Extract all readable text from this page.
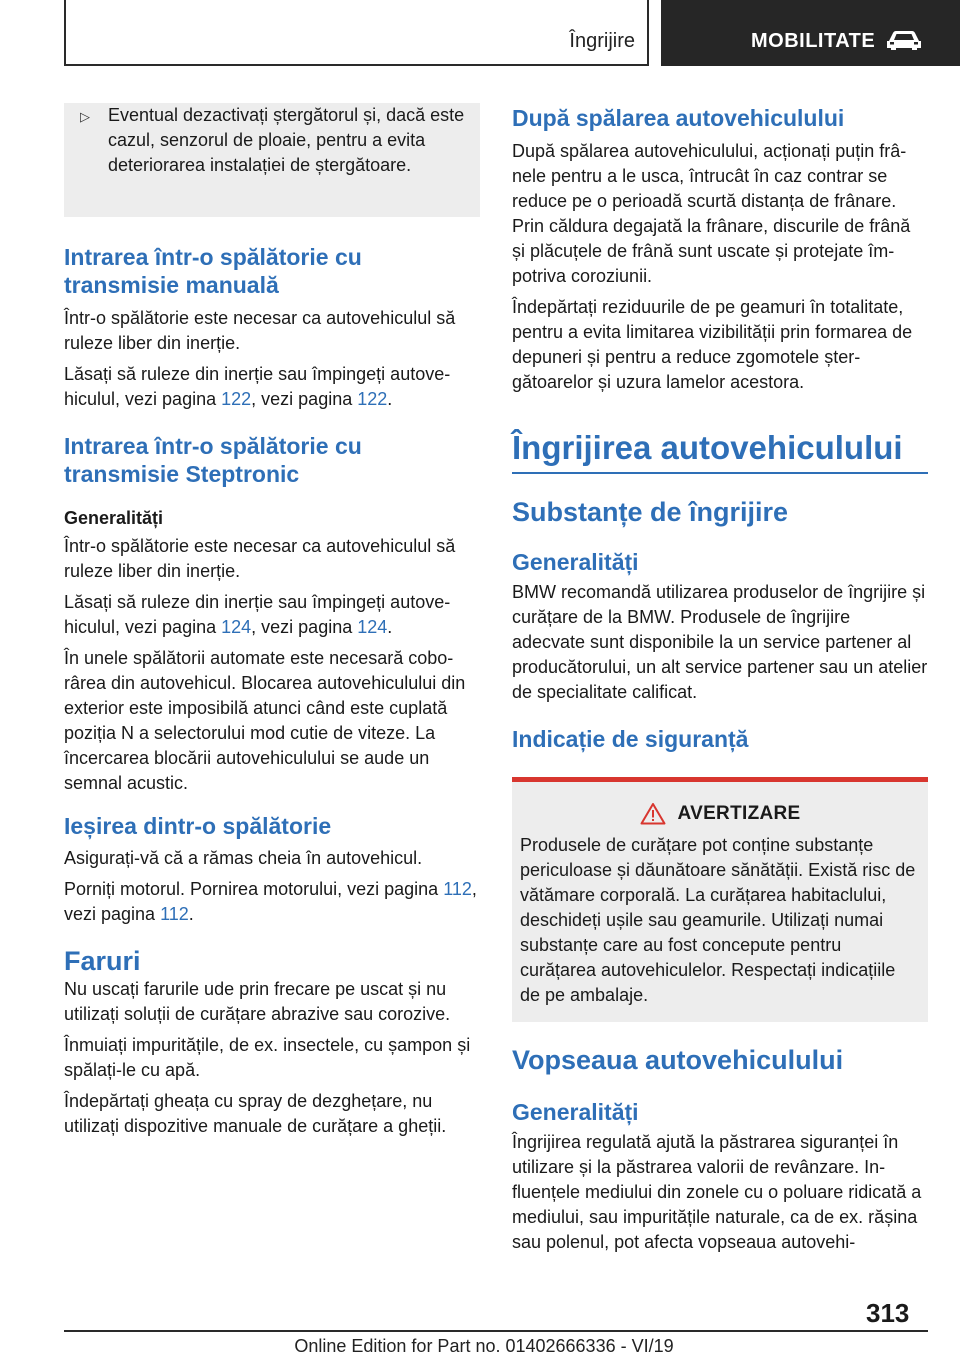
Îngrijire	MOBILITATE
▷	Eventual dezactivați ștergătorul și, dacă este cazul, senzorul de ploaie, pentru a evita deteriorarea instalației de ștergătoare.
Intrarea într-o spălătorie cu transmisie manuală

Într-o spălătorie este necesar ca autovehiculul să ruleze liber din inerție.

Lăsați să ruleze din inerție sau împingeți autovehiculul, vezi pagina 122, vezi pagina 122.

Intrarea într-o spălătorie cu transmisie Steptronic
Generalități

Într-o spălătorie este necesar ca autovehiculul să ruleze liber din inerție.

Lăsați să ruleze din inerție sau împingeți autovehiculul, vezi pagina 124, vezi pagina 124.

În unele spălătorii automate este necesară coborârea din autovehicul. Blocarea autovehiculului din exterior este imposibilă atunci când este cuplată poziția N a selectorului mod cutie de viteze. La încercarea blocării autovehiculului se aude un semnal acustic.

Ieșirea dintr-o spălătorie

Asigurați-vă că a rămas cheia în autovehicul.

Porniți motorul. Pornirea motorului, vezi pagina 112, vezi pagina 112.

Faruri

Nu uscați farurile ude prin frecare pe uscat și nu utilizați soluții de curățare abrazive sau corozive.

Înmuiați impuritățile, de ex. insectele, cu șampon și spălați-le cu apă.

Îndepărtați gheața cu spray de dezghețare, nu utilizați dispozitive manuale de curățare a gheții.

După spălarea autovehiculului

După spălarea autovehiculului, acționați puțin frânele pentru a le usca, întrucât în caz contrar se reduce pe o perioadă scurtă distanța de frânare. Prin căldura degajată la frânare, discurile de frână și plăcuțele de frână sunt uscate și protejate împotriva coroziunii.

Îndepărtați reziduurile de pe geamuri în totalitate, pentru a evita limitarea vizibilității prin formarea de depuneri și pentru a reduce zgomotele ștergătoarelor și uzura lamelor acestora.

Îngrijirea autovehiculului
Substanțe de îngrijire
Generalități

BMW recomandă utilizarea produselor de îngrijire și curățare de la BMW. Produsele de îngrijire adecvate sunt disponibile la un service partener al producătorului, un alt service partener sau un atelier de specialitate calificat.

Indicație de siguranță
AVERTIZARE

Produsele de curățare pot conține substanțe periculoase și dăunătoare sănătății. Există risc de vătămare corporală. La curățarea habitaclului, deschideți ușile sau geamurile. Utilizați numai substanțe care au fost concepute pentru curățarea autovehiculelor. Respectați indicațiile de pe ambalaje.

Vopseaua autovehiculului
Generalități

Îngrijirea regulată ajută la păstrarea siguranței în utilizare și la păstrarea valorii de revânzare. Influențele mediului din zonele cu o poluare ridicată a mediului, sau impuritățile naturale, ca de ex. rășina sau polenul, pot afecta vopseaua autovehi-

313
Online Edition for Part no. 01402666336 - VI/19
